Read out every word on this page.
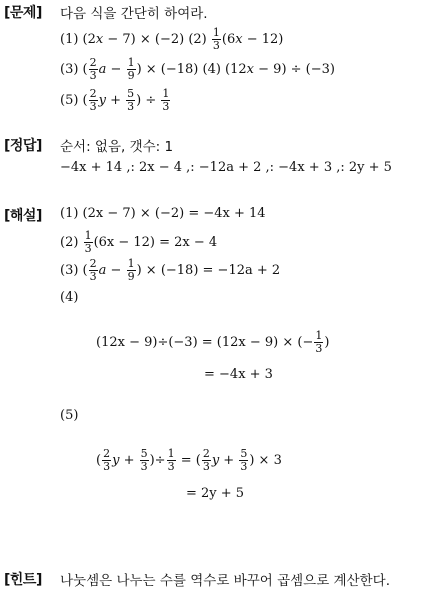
[문제] 다음 식을 간단히 하여라.
(1) (2x − 7) × (−2) $(2) \frac{1}{3} (6x - 12)$
(3) ( $\frac{2}{3}$ $a - \frac{1}{9}$ ) × (−18) (4) (12x − 9) ÷ (−3)
(5) ( $\frac{2}{3}$ $y + \frac{5}{3}$ ) ÷ $\frac{1}{3}$
[정답] 순서: 없음, 갯수: 1
−4x + 14 ,: 2x − 4 ,: −12a + 2 ,: −4x + 3 ,: 2y + 5
[해설] (1) (2x − 7) × (−2) = −4x + 14
$(2) \frac{1}{3} (6x - 12) = 2x - 4$
(3) ( $\frac{2}{3}$ $a - \frac{1}{9}$ ) × (−18) = −12a + 2
(4)
(12x − 9)÷(−3) = (12x − 9) × (− $\frac{1}{3}$ )
= −4x + 3
(5)
( $\frac{2}{3}$ $y + \frac{5}{3}$ )÷ $\frac{1}{3}$ = ( $\frac{2}{3}$ $y + \frac{5}{3}$ ) × 3
= 2y + 5
[힌트] 나눗셈은 나누는 수를 역수로 바꾸어 곱셈으로 계산한다.
